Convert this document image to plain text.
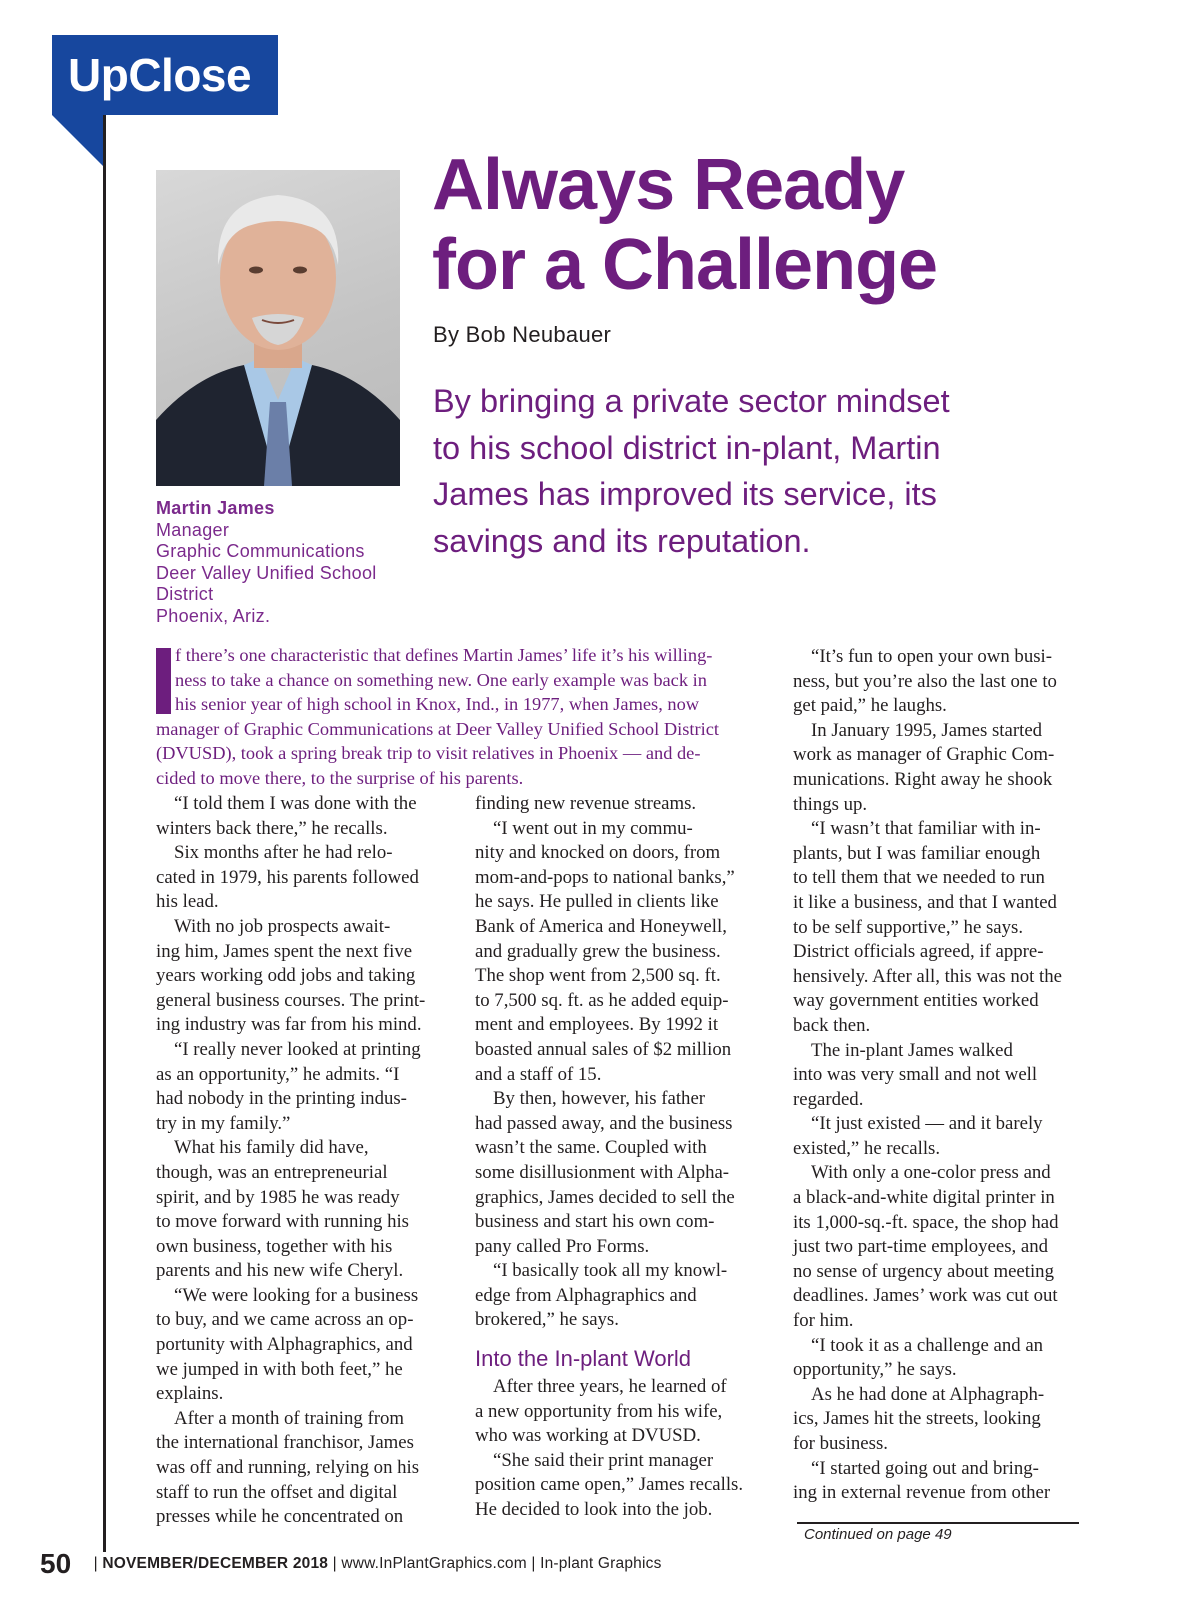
UpClose
Martin James
Manager
Graphic Communications
Deer Valley Unified School
District
Phoenix, Ariz.
Always Ready
for a Challenge
By Bob Neubauer
By bringing a private sector mindset
to his school district in-plant, Martin
James has improved its service, its
savings and its reputation.
f there’s one characteristic that defines Martin James’ life it’s his willing-
ness to take a chance on something new. One early example was back in
his senior year of high school in Knox, Ind., in 1977, when James, now
manager of Graphic Communications at Deer Valley Unified School District
(DVUSD), took a spring break trip to visit relatives in Phoenix — and de-
cided to move there, to the surprise of his parents.
“I told them I was done with the
winters back there,” he recalls.
Six months after he had relo-
cated in 1979, his parents followed
his lead.
With no job prospects await-
ing him, James spent the next five
years working odd jobs and taking
general business courses. The print-
ing industry was far from his mind.
“I really never looked at printing
as an opportunity,” he admits. “I
had nobody in the printing indus-
try in my family.”
What his family did have,
though, was an entrepreneurial
spirit, and by 1985 he was ready
to move forward with running his
own business, together with his
parents and his new wife Cheryl.
“We were looking for a business
to buy, and we came across an op-
portunity with Alphagraphics, and
we jumped in with both feet,” he
explains.
After a month of training from
the international franchisor, James
was off and running, relying on his
staff to run the offset and digital
presses while he concentrated on
finding new revenue streams.
“I went out in my commu-
nity and knocked on doors, from
mom-and-pops to national banks,”
he says. He pulled in clients like
Bank of America and Honeywell,
and gradually grew the business.
The shop went from 2,500 sq. ft.
to 7,500 sq. ft. as he added equip-
ment and employees. By 1992 it
boasted annual sales of $2 million
and a staff of 15.
By then, however, his father
had passed away, and the business
wasn’t the same. Coupled with
some disillusionment with Alpha-
graphics, James decided to sell the
business and start his own com-
pany called Pro Forms.
“I basically took all my knowl-
edge from Alphagraphics and
brokered,” he says.
Into the In-plant World
After three years, he learned of
a new opportunity from his wife,
who was working at DVUSD.
“She said their print manager
position came open,” James recalls.
He decided to look into the job.
“It’s fun to open your own busi-
ness, but you’re also the last one to
get paid,” he laughs.
In January 1995, James started
work as manager of Graphic Com-
munications. Right away he shook
things up.
“I wasn’t that familiar with in-
plants, but I was familiar enough
to tell them that we needed to run
it like a business, and that I wanted
to be self supportive,” he says.
District officials agreed, if appre-
hensively. After all, this was not the
way government entities worked
back then.
The in-plant James walked
into was very small and not well
regarded.
“It just existed — and it barely
existed,” he recalls.
With only a one-color press and
a black-and-white digital printer in
its 1,000-sq.-ft. space, the shop had
just two part-time employees, and
no sense of urgency about meeting
deadlines. James’ work was cut out
for him.
“I took it as a challenge and an
opportunity,” he says.
As he had done at Alphagraph-
ics, James hit the streets, looking
for business.
“I started going out and bring-
ing in external revenue from other
Continued on page 49
50 | NOVEMBER/DECEMBER 2018 | www.InPlantGraphics.com | In-plant Graphics
